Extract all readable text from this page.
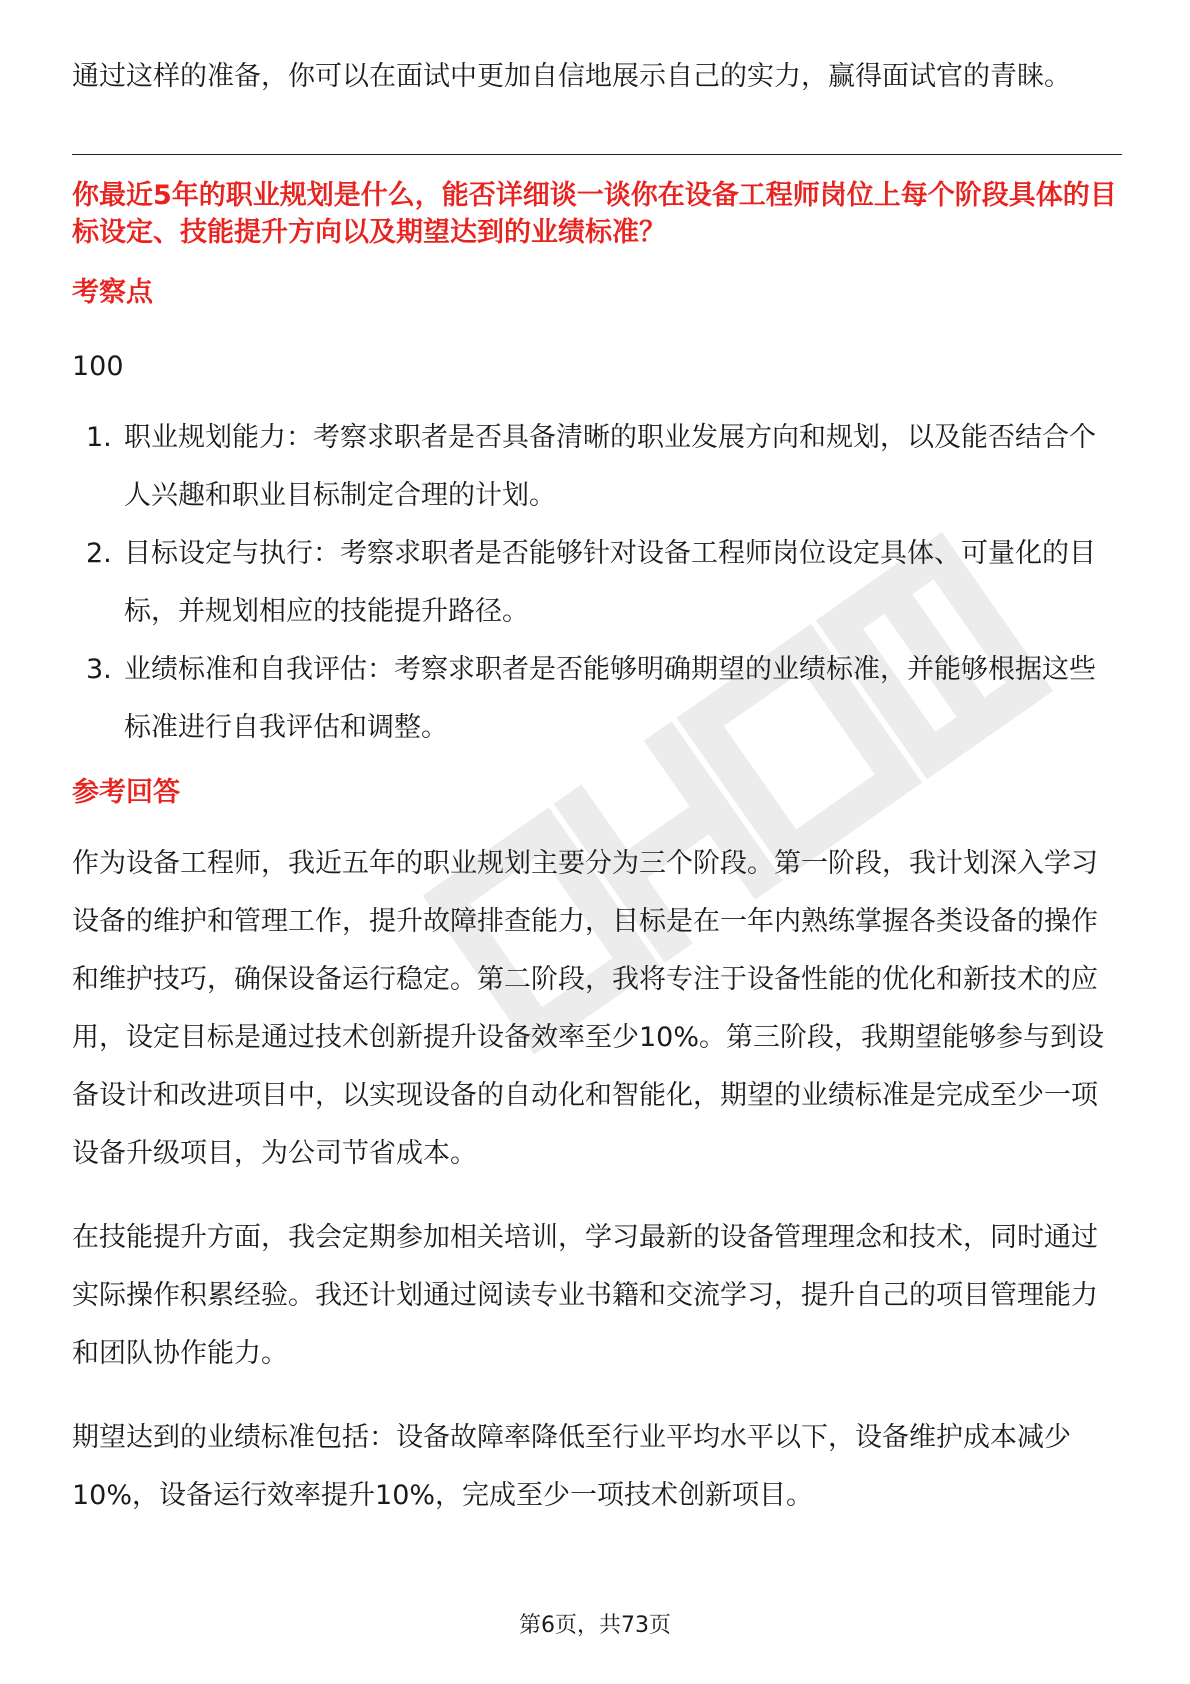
通过这样的准备，你可以在面试中更加自信地展示自己的实力，赢得面试官的青睐。

你最近5年的职业规划是什么，能否详细谈一谈你在设备工程师岗位上每个阶段具体的目标设定、技能提升方向以及期望达到的业绩标准？
考察点

100

1. 职业规划能力：考察求职者是否具备清晰的职业发展方向和规划，以及能否结合个人兴趣和职业目标制定合理的计划。
2. 目标设定与执行：考察求职者是否能够针对设备工程师岗位设定具体、可量化的目标，并规划相应的技能提升路径。
3. 业绩标准和自我评估：考察求职者是否能够明确期望的业绩标准，并能够根据这些标准进行自我评估和调整。
参考回答

作为设备工程师，我近五年的职业规划主要分为三个阶段。第一阶段，我计划深入学习设备的维护和管理工作，提升故障排查能力，目标是在一年内熟练掌握各类设备的操作和维护技巧，确保设备运行稳定。第二阶段，我将专注于设备性能的优化和新技术的应用，设定目标是通过技术创新提升设备效率至少10%。第三阶段，我期望能够参与到设备设计和改进项目中，以实现设备的自动化和智能化，期望的业绩标准是完成至少一项设备升级项目，为公司节省成本。

在技能提升方面，我会定期参加相关培训，学习最新的设备管理理念和技术，同时通过实际操作积累经验。我还计划通过阅读专业书籍和交流学习，提升自己的项目管理能力和团队协作能力。

期望达到的业绩标准包括：设备故障率降低至行业平均水平以下，设备维护成本减少10%，设备运行效率提升10%，完成至少一项技术创新项目。

第6页，共73页
